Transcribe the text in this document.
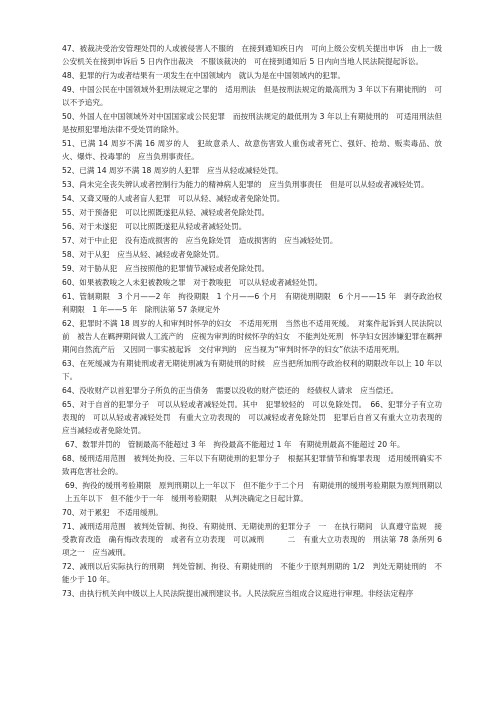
47、被裁决受治安管理处罚的人或被侵害人不服的　在接到通知疾日内　可向上级公安机关提出申诉　由上一级公安机关在接到申诉后 5 日内作出裁决　不服该裁决的　可在接到通知后 5 日内向当地人民法院提起诉讼。

48、犯罪的行为或者结果有一项发生在中国领域内　就认为是在中国领域内的犯罪。

49、中国公民在中国领域外犯刑法规定之罪的　适用刑法　但是按刑法规定的最高刑为 3 年以下有期徒刑的　可以不予追究。

50、外国人在中国领域外对中国国家或公民犯罪　而按刑法规定的最低刑为 3 年以上有期徒刑的　可适用刑法但是按照犯罪地法律不受处罚的除外。

51、已满 14 周岁不满 16 周岁的人　犯故意杀人、故意伤害致人重伤或者死亡、强奸、抢劫、贩卖毒品、放火、爆炸、投毒罪的　应当负刑事责任。

52、已满 14 周岁不满 18 周岁的人犯罪　应当从轻或减轻处罚。

53、尚未完全丧失辨认或者控制行为能力的精神病人犯罪的　应当负刑事责任　但是可以从轻或者减轻处罚。

54、又聋又哑的人或者盲人犯罪　可以从轻、减轻或者免除处罚。

55、对于预备犯　可以比照既遂犯从轻、减轻或者免除处罚。

56、对于未遂犯　可以比照既遂犯从轻或者减轻处罚。

57、对于中止犯　没有造成损害的　应当免除处罚　造成损害的　应当减轻处罚。

58、对于从犯　应当从轻、减轻或者免除处罚。

59、对于胁从犯　应当按照他的犯罪情节减轻或者免除处罚。

60、如果被教唆之人未犯被教唆之罪　对于教唆犯　可以从轻或者减轻处罚。

61、管制期限　3 个月——2 年　拘役期限　1 个月——6 个月　有期徒刑期限　6 个月——15 年　剥夺政治权利期限　1 年——5 年　除刑法第 57 条规定外

62、犯罪时不满 18 周岁的人和审判时怀孕的妇女　不适用死刑　当然也不适用死缓。　对案件起诉到人民法院以前　被告人在羁押期间做人工流产的　应视为审判的时候怀孕的妇女　不能判处死刑　怀孕妇女因涉嫌犯罪在羁押期间自然流产后　又因同一事实被起诉　交付审判的　应当视为“审判时怀孕的妇女”依法不适用死刑。

63、在死缓减为有期徒刑或者无期徒刑减为有期徒刑的时候　应当把所加刑夺政治权利的期限改年以上 10 年以下。

64、没收财产以首犯罪分子所负的正当债务　需要以没收的财产偿还的　经债权人请求　应当偿还。

65、对于自首的犯罪分子　可以从轻或者减轻处罚。其中　犯罪较轻的　可以免除处罚。　66、犯罪分子有立功表现的　可以从轻或者减轻处罚　有重大立功表现的　可以减轻或者免除处罚　犯罪后自首又有重大立功表现的　应当减轻或者免除处罚。

67、数罪并罚的　管制最高不能超过 3 年　拘役最高不能超过 1 年　有期徒刑最高不能超过 20 年。

68、缓刑适用范围　被判处拘役、三年以下有期徒刑的犯罪分子　根据其犯罪情节和悔罪表现　适用缓刑确实不致再危害社会的。

69、拘役的缓刑考验期限　原判刑期以上一年以下　但不能少于二个月　有期徒刑的缓刑考验期限为原判刑期以上五年以下　但不能少于一年　缓刑考验期限　从判决确定之日起计算。

70、对于累犯　不适用缓刑。

71、减刑适用范围　被判处管制、拘役、有期徒刑、无期徒刑的犯罪分子　一　在执行期间　认真遵守监规　接受教育改造　确有悔改表现的　或者有立功表现　可以减刑　　　二　有重大立功表现的　刑法第 78 条所列 6 项之一　应当减刑。

72、减刑以后实际执行的刑期　判处管制、拘役、有期徒刑的　不能少于原判刑期的 1/2　判处无期徒刑的　不能少于 10 年。

73、由执行机关向中级以上人民法院提出减刑建议书。人民法院应当组成合议庭进行审理。非经法定程序
